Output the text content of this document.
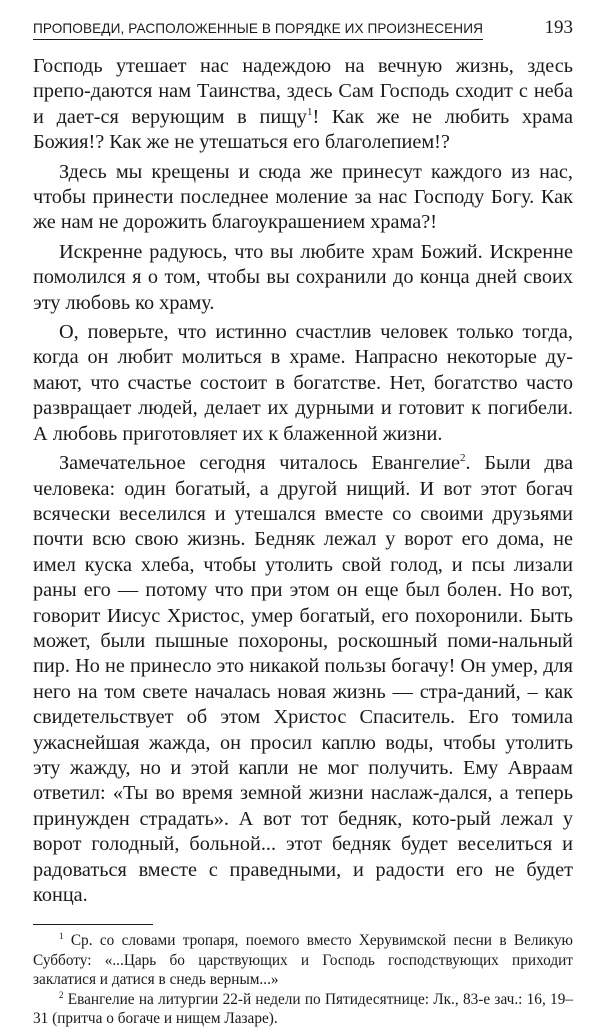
ПРОПОВЕДИ, РАСПОЛОЖЕННЫЕ В ПОРЯДКЕ ИХ ПРОИЗНЕСЕНИЯ	193

Господь утешает нас надеждою на вечную жизнь, здесь препо-даются нам Таинства, здесь Сам Господь сходит с неба и дает-ся верующим в пищу$^1$! Как же не любить храма Божия!? Как же не утешаться его благолепием!?

Здесь мы крещены и сюда же принесут каждого из нас, чтобы принести последнее моление за нас Господу Богу. Как же нам не дорожить благоукрашением храма?!

Искренне радуюсь, что вы любите храм Божий. Искренне помолился я о том, чтобы вы сохранили до конца дней своих эту любовь ко храму.

О, поверьте, что истинно счастлив человек только тогда, когда он любит молиться в храме. Напрасно некоторые ду-мают, что счастье состоит в богатстве. Нет, богатство часто развращает людей, делает их дурными и готовит к погибели. А любовь приготовляет их к блаженной жизни.

Замечательное сегодня читалось Евангелие$^2$. Были два человека: один богатый, а другой нищий. И вот этот богач всячески веселился и утешался вместе со своими друзьями почти всю свою жизнь. Бедняк лежал у ворот его дома, не имел куска хлеба, чтобы утолить свой голод, и псы лизали раны его — потому что при этом он еще был болен. Но вот, говорит Иисус Христос, умер богатый, его похоронили. Быть может, были пышные похороны, роскошный поми-нальный пир. Но не принесло это никакой пользы богачу! Он умер, для него на том свете началась новая жизнь — стра-даний, – как свидетельствует об этом Христос Спаситель. Его томила ужаснейшая жажда, он просил каплю воды, чтобы утолить эту жажду, но и этой капли не мог получить. Ему Авраам ответил: «Ты во время земной жизни наслаж-дался, а теперь принужден страдать». А вот тот бедняк, кото-рый лежал у ворот голодный, больной... этот бедняк будет веселиться и радоваться вместе с праведными, и радости его не будет конца.

$^1$ Ср. со словами тропаря, поемого вместо Херувимской песни в Великую Субботу: «...Царь бо царствующих и Господь господствующих приходит заклатися и датися в снедь верным...»

$^2$ Евангелие на литургии 22-й недели по Пятидесятнице: Лк., 83-е зач.: 16, 19–31 (притча о богаче и нищем Лазаре).
